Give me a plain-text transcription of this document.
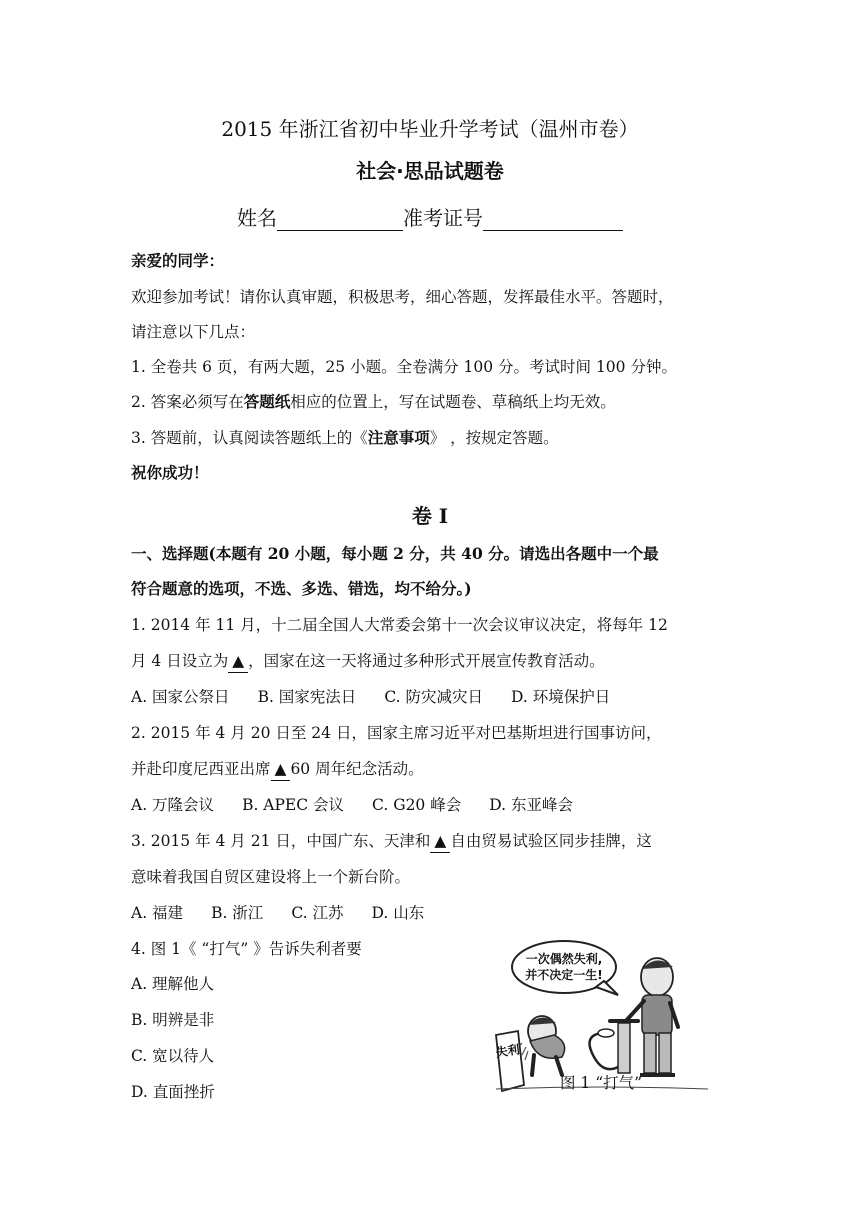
2015 年浙江省初中毕业升学考试（温州市卷）
社会·思品试题卷
姓名	准考证号
亲爱的同学：
欢迎参加考试！请你认真审题，积极思考，细心答题，发挥最佳水平。答题时，
请注意以下几点：
1. 全卷共 6 页，有两大题，25 小题。全卷满分 100 分。考试时间 100 分钟。
2. 答案必须写在答题纸相应的位置上，写在试题卷、草稿纸上均无效。
3. 答题前，认真阅读答题纸上的《注意事项》 ，按规定答题。
祝你成功！
卷 Ⅰ
一、选择题(本题有 20 小题，每小题 2 分，共 40 分。请选出各题中一个最
符合题意的选项，不选、多选、错选，均不给分。)
1. 2014 年 11 月，十二届全国人大常委会第十一次会议审议决定，将每年 12
月 4 日设立为 ▲ ，国家在这一天将通过多种形式开展宣传教育活动。
A. 国家公祭日 B. 国家宪法日 C. 防灾减灾日 D. 环境保护日
2. 2015 年 4 月 20 日至 24 日，国家主席习近平对巴基斯坦进行国事访问，
并赴印度尼西亚出席 ▲ 60 周年纪念活动。
A. 万隆会议 B. APEC 会议 C. G20 峰会 D. 东亚峰会
3. 2015 年 4 月 21 日，中国广东、天津和 ▲ 自由贸易试验区同步挂牌，这
意味着我国自贸区建设将上一个新台阶。
A. 福建 B. 浙江 C. 江苏 D. 山东
4. 图 1《 “打气” 》告诉失利者要
A. 理解他人
B. 明辨是非
C. 宽以待人
D. 直面挫折
一次偶然失利,
并不决定一生!
失利
图 1 “打气”
